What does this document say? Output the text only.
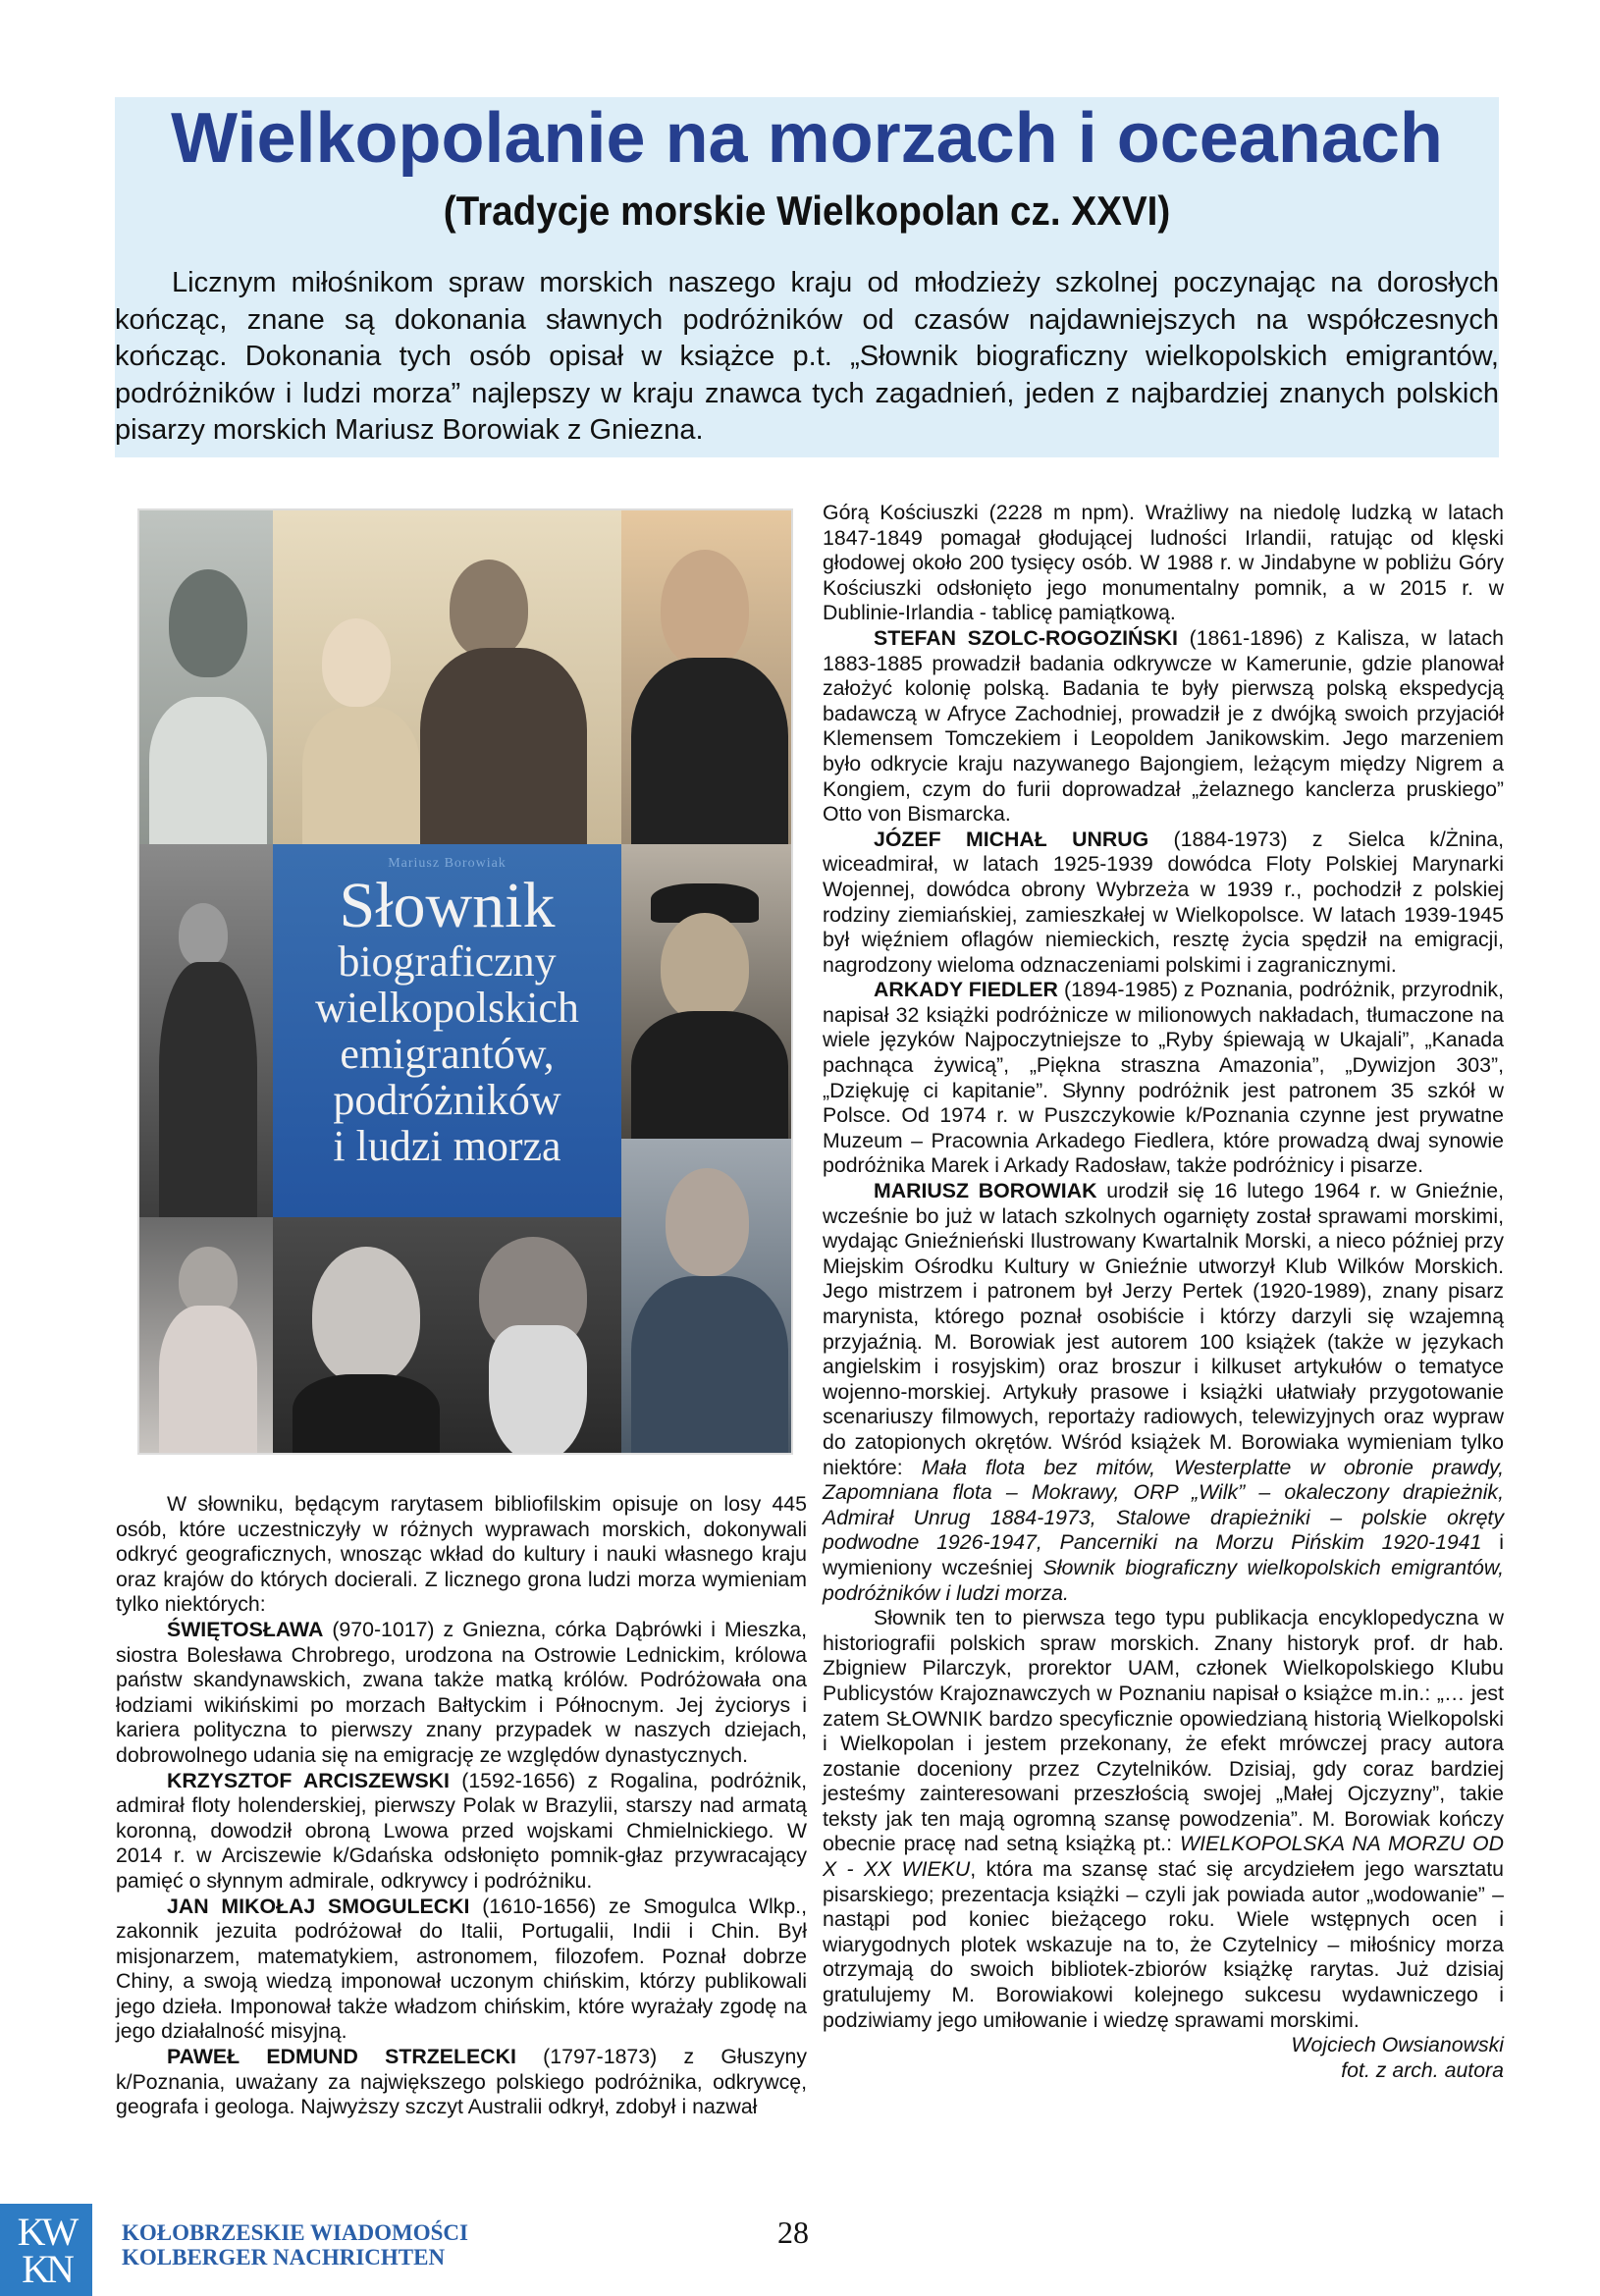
Wielkopolanie na morzach i oceanach
(Tradycje morskie Wielkopolan cz. XXVI)

Licznym miłośnikom spraw morskich naszego kraju od młodzieży szkolnej poczynając na dorosłych kończąc, znane są dokonania sławnych podróżników od czasów najdawniejszych na współczesnych kończąc. Dokonania tych osób opisał w książce p.t. „Słownik biograficzny wielkopolskich emigrantów, podróżników i ludzi morza” najlepszy w kraju znawca tych zagadnień, jeden z najbardziej znanych polskich pisarzy morskich Mariusz Borowiak z Gniezna.

Mariusz Borowiak
Słownik
biograficzny
wielkopolskich
emigrantów,
podróżników
i ludzi morza

W słowniku, będącym rarytasem bibliofilskim opisuje on losy 445 osób, które uczestniczyły w różnych wyprawach morskich, dokonywali odkryć geograficznych, wnosząc wkład do kultury i nauki własnego kraju oraz krajów do których docierali. Z licznego grona ludzi morza wymieniam tylko niektórych:

ŚWIĘTOSŁAWA (970-1017) z Gniezna, córka Dąbrówki i Mieszka, siostra Bolesława Chrobrego, urodzona na Ostrowie Lednickim, królowa państw skandynawskich, zwana także matką królów. Podróżowała ona łodziami wikińskimi po morzach Bałtyckim i Północnym. Jej życiorys i kariera polityczna to pierwszy znany przypadek w naszych dziejach, dobrowolnego udania się na emigrację ze względów dynastycznych.

KRZYSZTOF ARCISZEWSKI (1592-1656) z Rogalina, podróżnik, admirał floty holenderskiej, pierwszy Polak w Brazylii, starszy nad armatą koronną, dowodził obroną Lwowa przed wojskami Chmielnickiego. W 2014 r. w Arciszewie k/Gdańska odsłonięto pomnik-głaz przywracający pamięć o słynnym admirale, odkrywcy i podróżniku.

JAN MIKOŁAJ SMOGULECKI (1610-1656) ze Smogulca Wlkp., zakonnik jezuita podróżował do Italii, Portugalii, Indii i Chin. Był misjonarzem, matematykiem, astronomem, filozofem. Poznał dobrze Chiny, a swoją wiedzą imponował uczonym chińskim, którzy publikowali jego dzieła. Imponował także władzom chińskim, które wyrażały zgodę na jego działalność misyjną.

PAWEŁ EDMUND STRZELECKI (1797-1873) z Głuszyny k/Poznania, uważany za największego polskiego podróżnika, odkrywcę, geografa i geologa. Najwyższy szczyt Australii odkrył, zdobył i nazwał

Górą Kościuszki (2228 m npm). Wrażliwy na niedolę ludzką w latach 1847-1849 pomagał głodującej ludności Irlandii, ratując od klęski głodowej około 200 tysięcy osób. W 1988 r. w Jindabyne w pobliżu Góry Kościuszki odsłonięto jego monumentalny pomnik, a w 2015 r. w Dublinie-Irlandia - tablicę pamiątkową.

STEFAN SZOLC-ROGOZIŃSKI (1861-1896) z Kalisza, w latach 1883-1885 prowadził badania odkrywcze w Kamerunie, gdzie planował założyć kolonię polską. Badania te były pierwszą polską ekspedycją badawczą w Afryce Zachodniej, prowadził je z dwójką swoich przyjaciół Klemensem Tomczekiem i Leopoldem Janikowskim. Jego marzeniem było odkrycie kraju nazywanego Bajongiem, leżącym między Nigrem a Kongiem, czym do furii doprowadzał „żelaznego kanclerza pruskiego” Otto von Bismarcka.

JÓZEF MICHAŁ UNRUG (1884-1973) z Sielca k/Żnina, wiceadmirał, w latach 1925-1939 dowódca Floty Polskiej Marynarki Wojennej, dowódca obrony Wybrzeża w 1939 r., pochodził z polskiej rodziny ziemiańskiej, zamieszkałej w Wielkopolsce. W latach 1939-1945 był więźniem oflagów niemieckich, resztę życia spędził na emigracji, nagrodzony wieloma odznaczeniami polskimi i zagranicznymi.

ARKADY FIEDLER (1894-1985) z Poznania, podróżnik, przyrodnik, napisał 32 książki podróżnicze w milionowych nakładach, tłumaczone na wiele języków Najpoczytniejsze to „Ryby śpiewają w Ukajali”, „Kanada pachnąca żywicą”, „Piękna straszna Amazonia”, „Dywizjon 303”, „Dziękuję ci kapitanie”. Słynny podróżnik jest patronem 35 szkół w Polsce. Od 1974 r. w Puszczykowie k/Poznania czynne jest prywatne Muzeum – Pracownia Arkadego Fiedlera, które prowadzą dwaj synowie podróżnika Marek i Arkady Radosław, także podróżnicy i pisarze.

MARIUSZ BOROWIAK urodził się 16 lutego 1964 r. w Gnieźnie, wcześnie bo już w latach szkolnych ogarnięty został sprawami morskimi, wydając Gnieźnieński Ilustrowany Kwartalnik Morski, a nieco później przy Miejskim Ośrodku Kultury w Gnieźnie utworzył Klub Wilków Morskich. Jego mistrzem i patronem był Jerzy Pertek (1920-1989), znany pisarz marynista, którego poznał osobiście i którzy darzyli się wzajemną przyjaźnią. M. Borowiak jest autorem 100 książek (także w językach angielskim i rosyjskim) oraz broszur i kilkuset artykułów o tematyce wojenno-morskiej. Artykuły prasowe i książki ułatwiały przygotowanie scenariuszy filmowych, reportaży radiowych, telewizyjnych oraz wypraw do zatopionych okrętów. Wśród książek M. Borowiaka wymieniam tylko niektóre: Mała flota bez mitów, Westerplatte w obronie prawdy, Zapomniana flota – Mokrawy, ORP „Wilk” – okaleczony drapieżnik, Admirał Unrug 1884-1973, Stalowe drapieżniki – polskie okręty podwodne 1926-1947, Pancerniki na Morzu Pińskim 1920-1941 i wymieniony wcześniej Słownik biograficzny wielkopolskich emigrantów, podróżników i ludzi morza.

Słownik ten to pierwsza tego typu publikacja encyklopedyczna w historiografii polskich spraw morskich. Znany historyk prof. dr hab. Zbigniew Pilarczyk, prorektor UAM, członek Wielkopolskiego Klubu Publicystów Krajoznawczych w Poznaniu napisał o książce m.in.: „… jest zatem SŁOWNIK bardzo specyficznie opowiedzianą historią Wielkopolski i Wielkopolan i jestem przekonany, że efekt mrówczej pracy autora zostanie doceniony przez Czytelników. Dzisiaj, gdy coraz bardziej jesteśmy zainteresowani przeszłością swojej „Małej Ojczyzny”, takie teksty jak ten mają ogromną szansę powodzenia”. M. Borowiak kończy obecnie pracę nad setną książką pt.: WIELKOPOLSKA NA MORZU OD X - XX WIEKU, która ma szansę stać się arcydziełem jego warsztatu pisarskiego; prezentacja książki – czyli jak powiada autor „wodowanie” – nastąpi pod koniec bieżącego roku. Wiele wstępnych ocen i wiarygodnych plotek wskazuje na to, że Czytelnicy – miłośnicy morza otrzymają do swoich bibliotek-zbiorów książkę rarytas. Już dzisiaj gratulujemy M. Borowiakowi kolejnego sukcesu wydawniczego i podziwiamy jego umiłowanie i wiedzę sprawami morskimi.

Wojciech Owsianowski

fot. z arch. autora

KW KN
KOŁOBRZESKIE WIADOMOŚCI
KOLBERGER NACHRICHTEN
28
